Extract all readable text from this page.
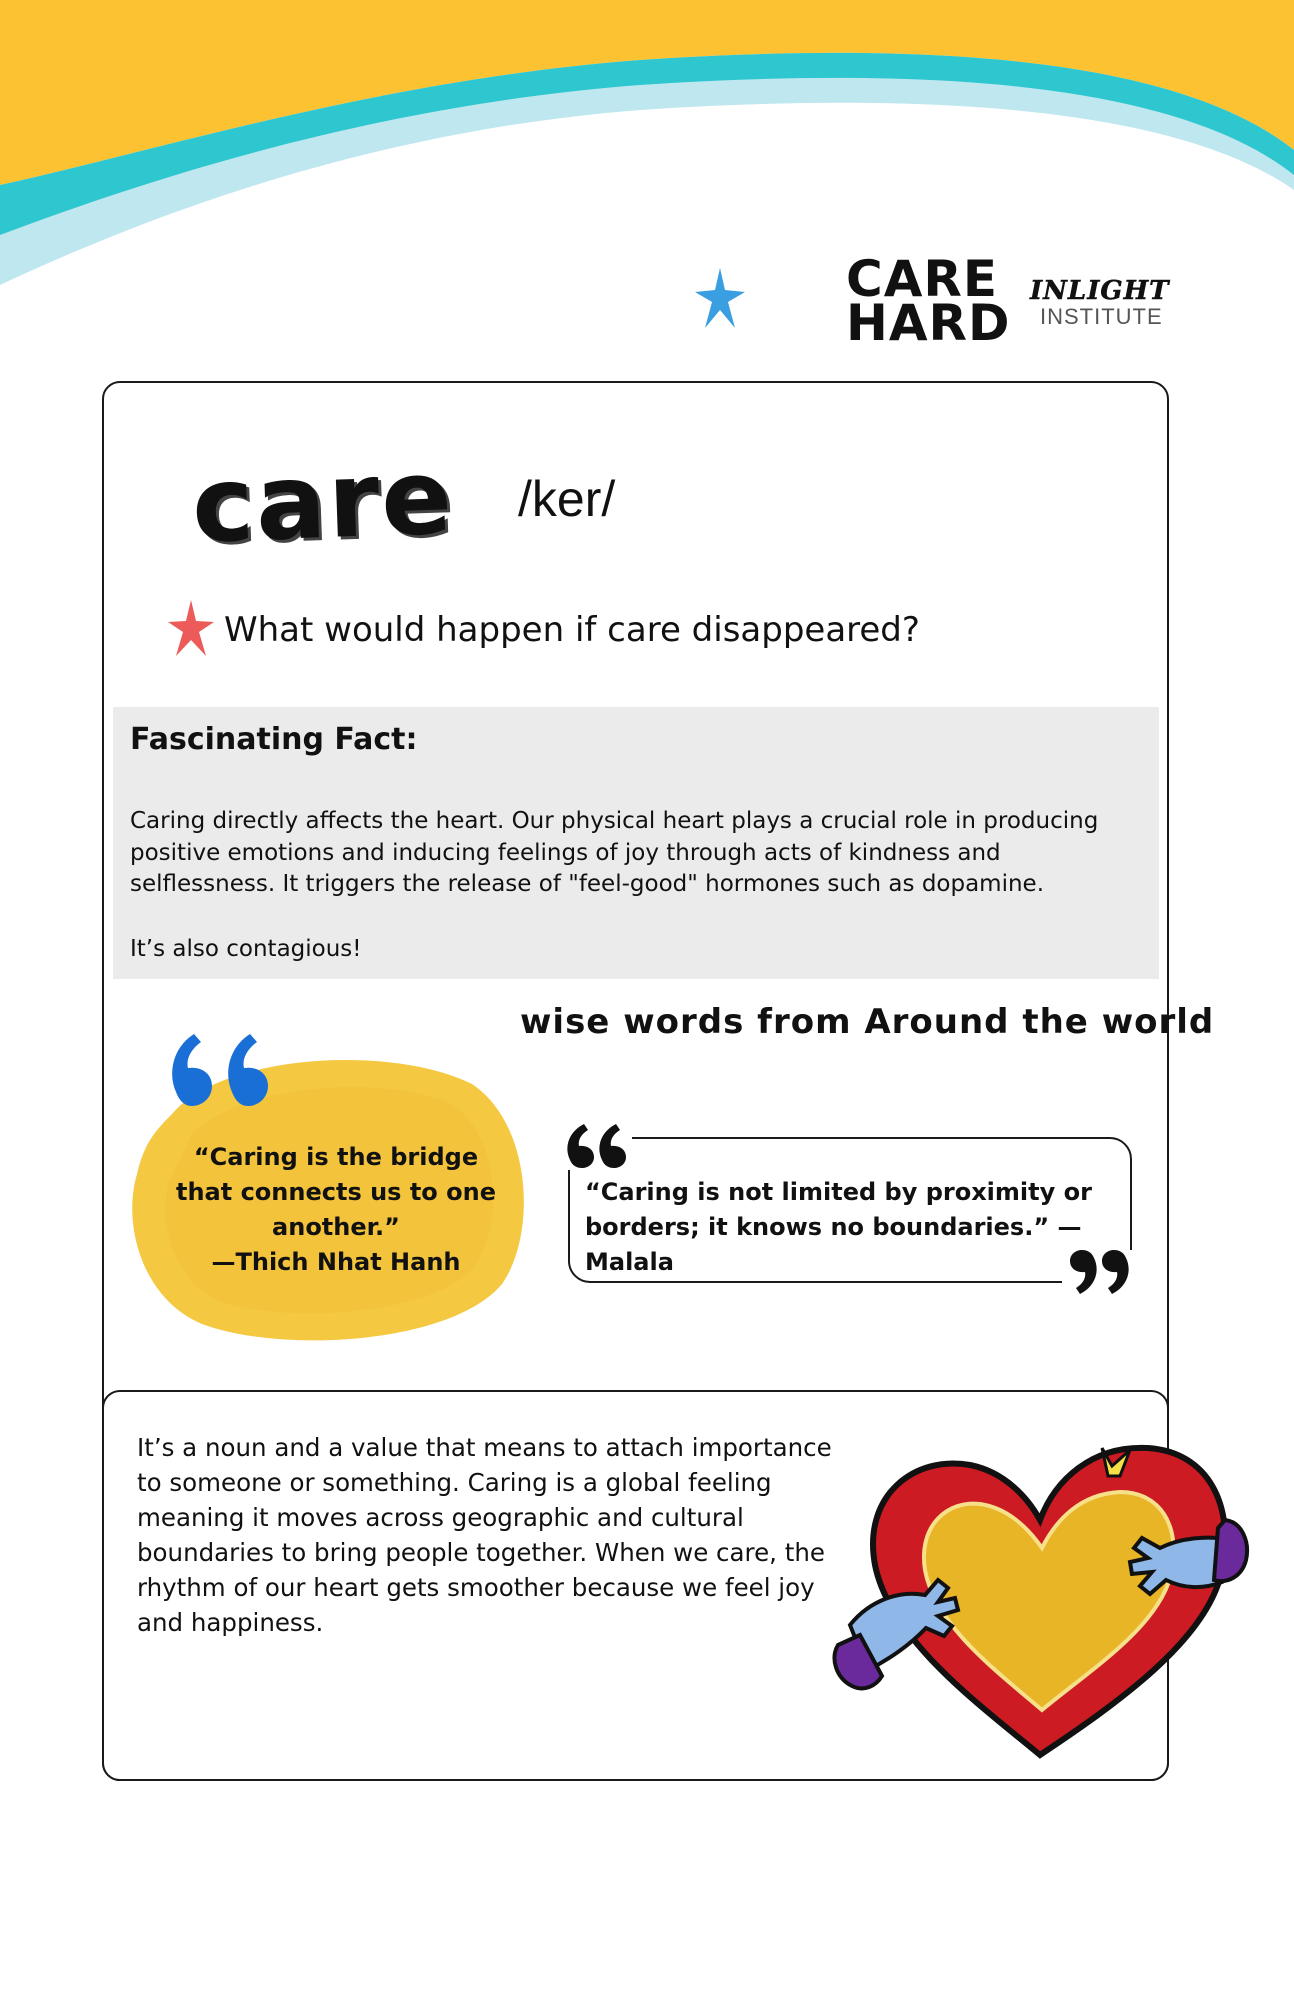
CARE
HARD
INLIGHT
INSTITUTE
care /ker/
What would happen if care disappeared?
Fascinating Fact:
Caring directly affects the heart. Our physical heart plays a crucial role in producing positive emotions and inducing feelings of joy through acts of kindness and selflessness. It triggers the release of "feel-good" hormones such as dopamine.
It’s also contagious!
wise words from Around the world
“Caring is the bridge that connects us to one another.”
—Thich Nhat Hanh
“Caring is not limited by proximity or borders; it knows no boundaries.” —Malala
It’s a noun and a value that means to attach importance to someone or something. Caring is a global feeling meaning it moves across geographic and cultural boundaries to bring people together. When we care, the rhythm of our heart gets smoother because we feel joy and happiness.
